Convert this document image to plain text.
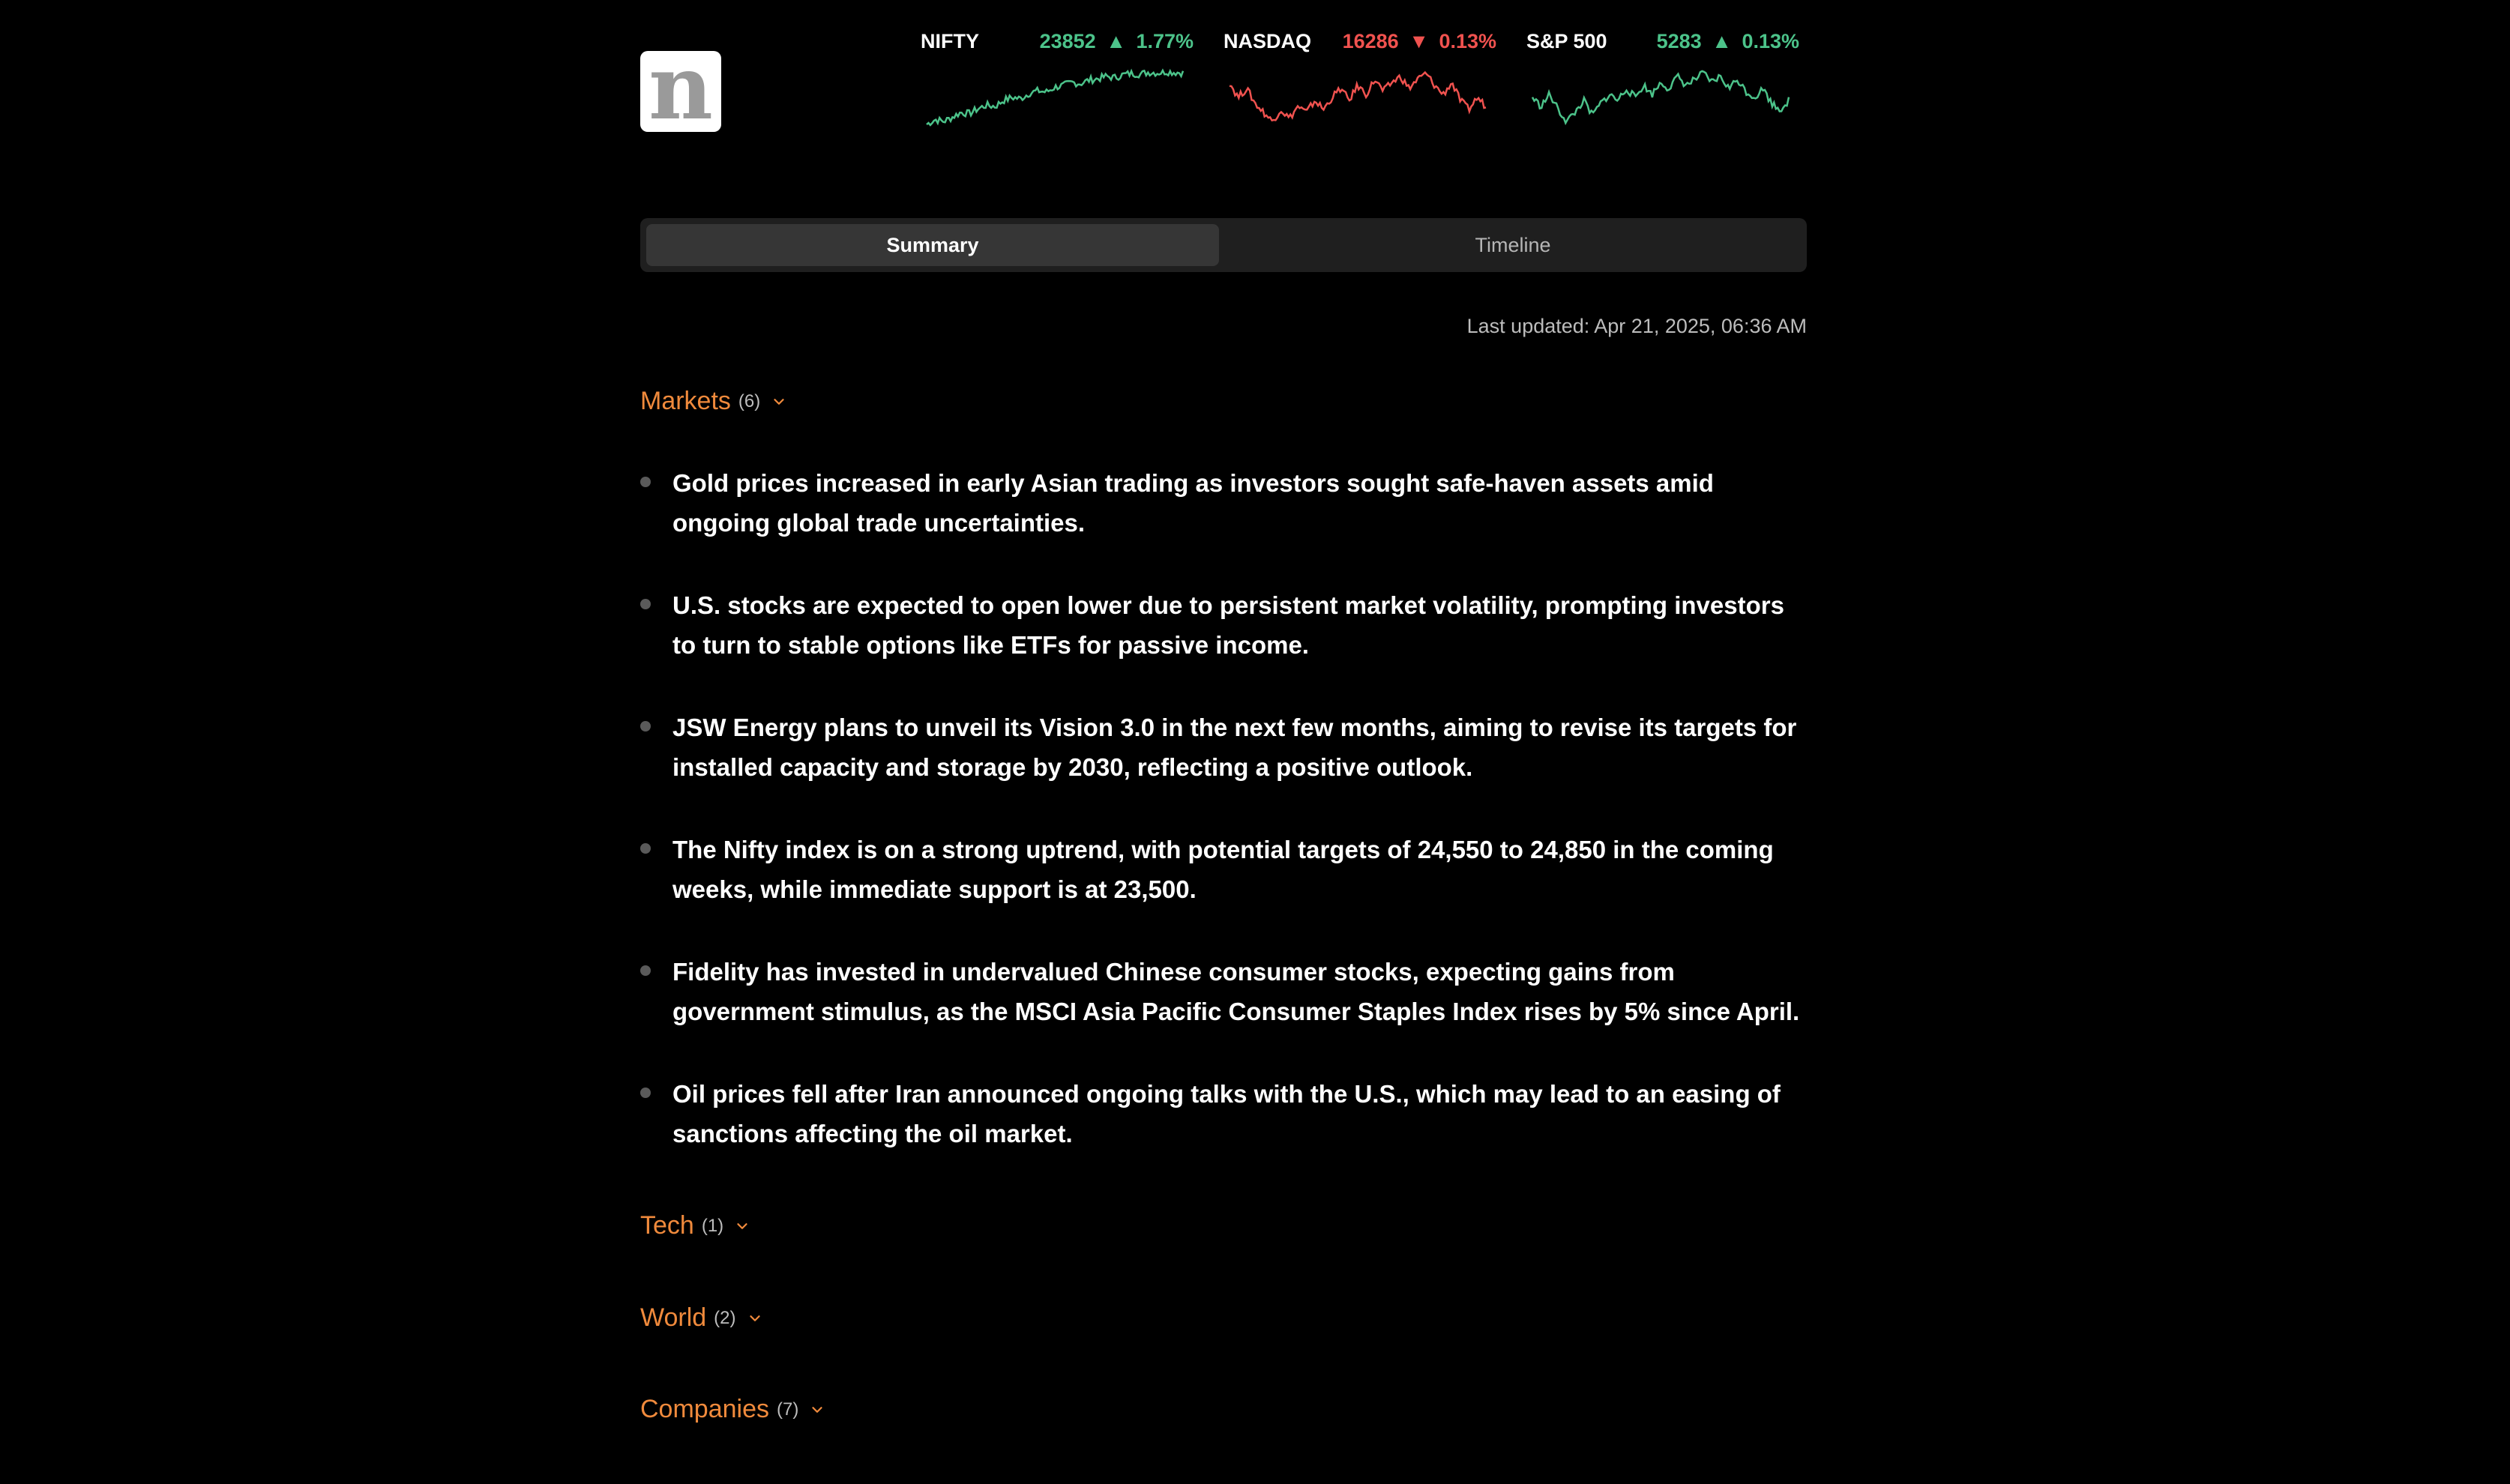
n	NIFTY	23852 ▲ 1.77% NASDAQ 16286 ▼ 0.13% S&P 500 5283 ▲ 0.13%
Summary	Timeline
Last updated: Apr 21, 2025, 06:36 AM
Markets (6)
Gold prices increased in early Asian trading as investors sought safe-haven assets amid ongoing global trade uncertainties.
U.S. stocks are expected to open lower due to persistent market volatility, prompting investors to turn to stable options like ETFs for passive income.
JSW Energy plans to unveil its Vision 3.0 in the next few months, aiming to revise its targets for installed capacity and storage by 2030, reflecting a positive outlook.
The Nifty index is on a strong uptrend, with potential targets of 24,550 to 24,850 in the coming weeks, while immediate support is at 23,500.
Fidelity has invested in undervalued Chinese consumer stocks, expecting gains from government stimulus, as the MSCI Asia Pacific Consumer Staples Index rises by 5% since April.
Oil prices fell after Iran announced ongoing talks with the U.S., which may lead to an easing of sanctions affecting the oil market.
Tech (1)
World (2)
Companies (7)
